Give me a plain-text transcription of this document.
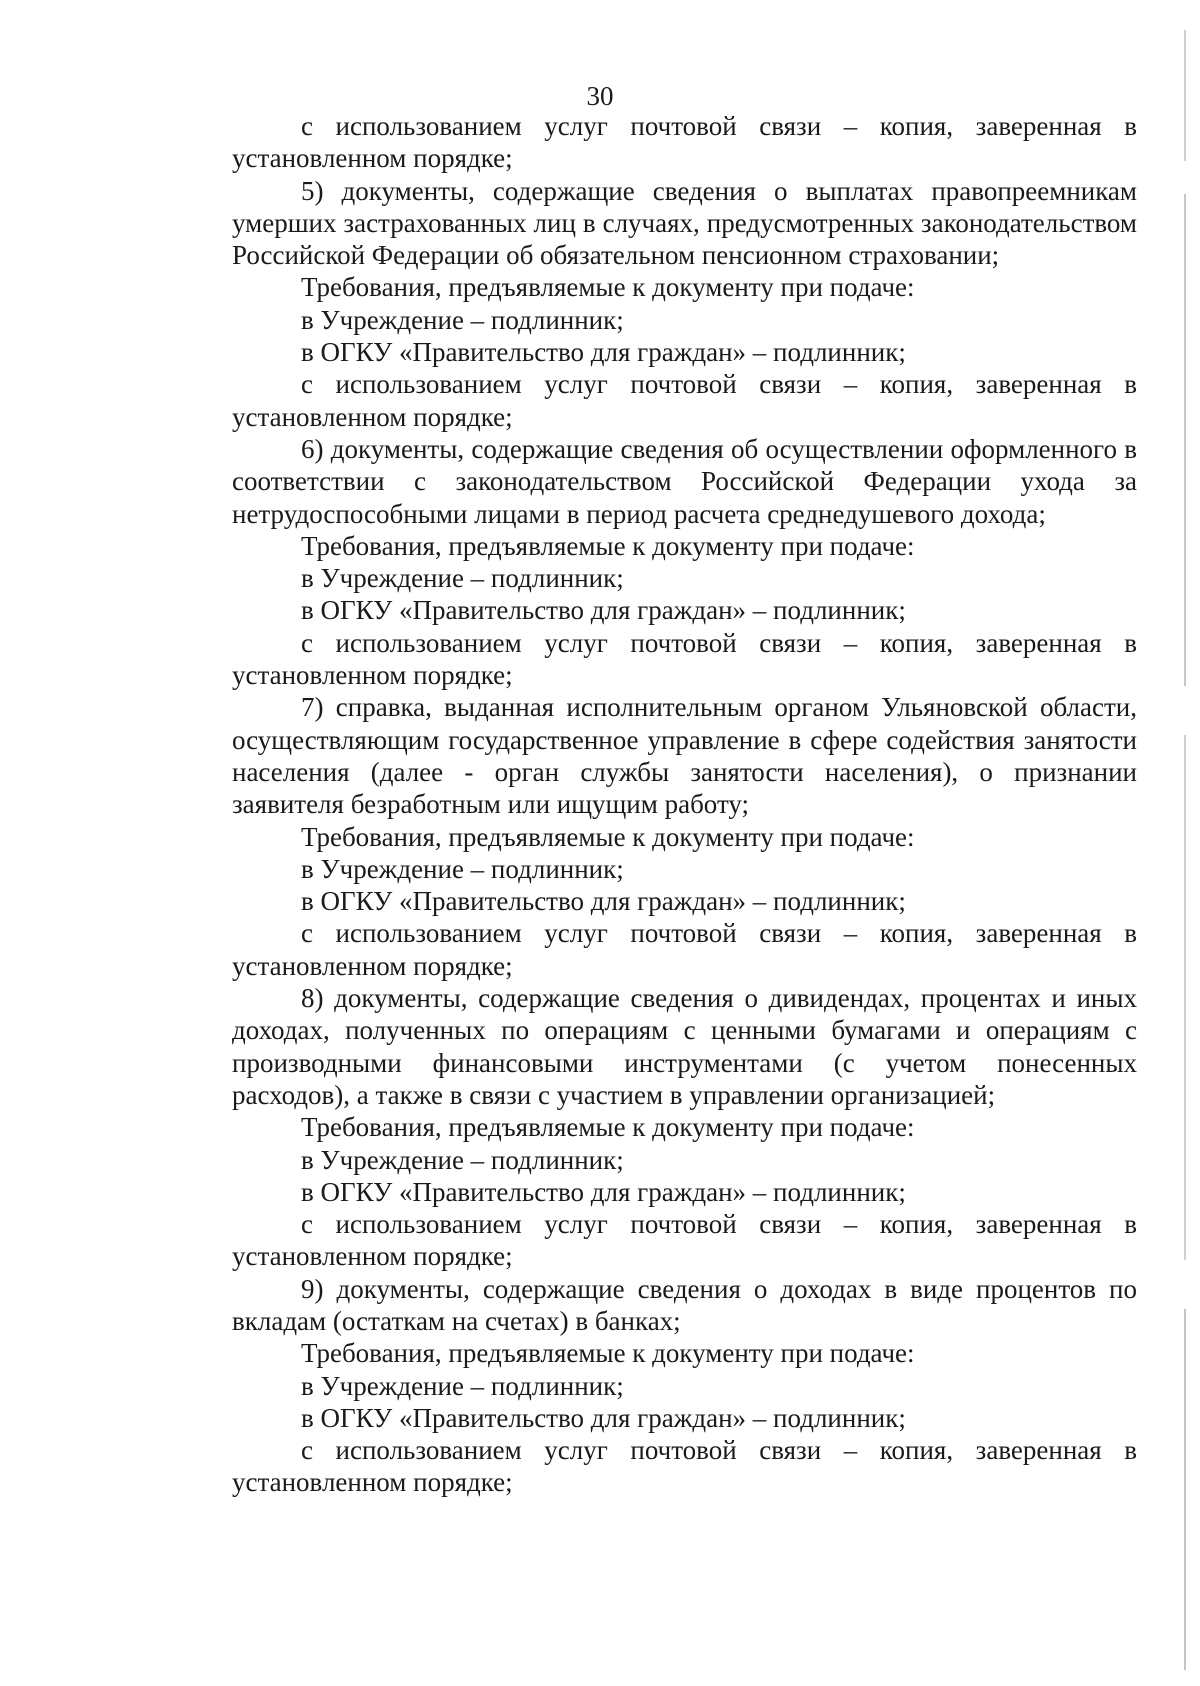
30

с использованием услуг почтовой связи – копия, заверенная в установленном порядке;

5) документы, содержащие сведения о выплатах правопреемникам умерших застрахованных лиц в случаях, предусмотренных законодательством Российской Федерации об обязательном пенсионном страховании;

Требования, предъявляемые к документу при подаче:

в Учреждение – подлинник;

в ОГКУ «Правительство для граждан» – подлинник;

с использованием услуг почтовой связи – копия, заверенная в установленном порядке;

6) документы, содержащие сведения об осуществлении оформленного в соответствии с законодательством Российской Федерации ухода за нетрудоспособными лицами в период расчета среднедушевого дохода;

Требования, предъявляемые к документу при подаче:

в Учреждение – подлинник;

в ОГКУ «Правительство для граждан» – подлинник;

с использованием услуг почтовой связи – копия, заверенная в установленном порядке;

7) справка, выданная исполнительным органом Ульяновской области, осуществляющим государственное управление в сфере содействия занятости населения (далее - орган службы занятости населения), о признании заявителя безработным или ищущим работу;

Требования, предъявляемые к документу при подаче:

в Учреждение – подлинник;

в ОГКУ «Правительство для граждан» – подлинник;

с использованием услуг почтовой связи – копия, заверенная в установленном порядке;

8) документы, содержащие сведения о дивидендах, процентах и иных доходах, полученных по операциям с ценными бумагами и операциям с производными финансовыми инструментами (с учетом понесенных расходов), а также в связи с участием в управлении организацией;

Требования, предъявляемые к документу при подаче:

в Учреждение – подлинник;

в ОГКУ «Правительство для граждан» – подлинник;

с использованием услуг почтовой связи – копия, заверенная в установленном порядке;

9) документы, содержащие сведения о доходах в виде процентов по вкладам (остаткам на счетах) в банках;

Требования, предъявляемые к документу при подаче:

в Учреждение – подлинник;

в ОГКУ «Правительство для граждан» – подлинник;

с использованием услуг почтовой связи – копия, заверенная в установленном порядке;
